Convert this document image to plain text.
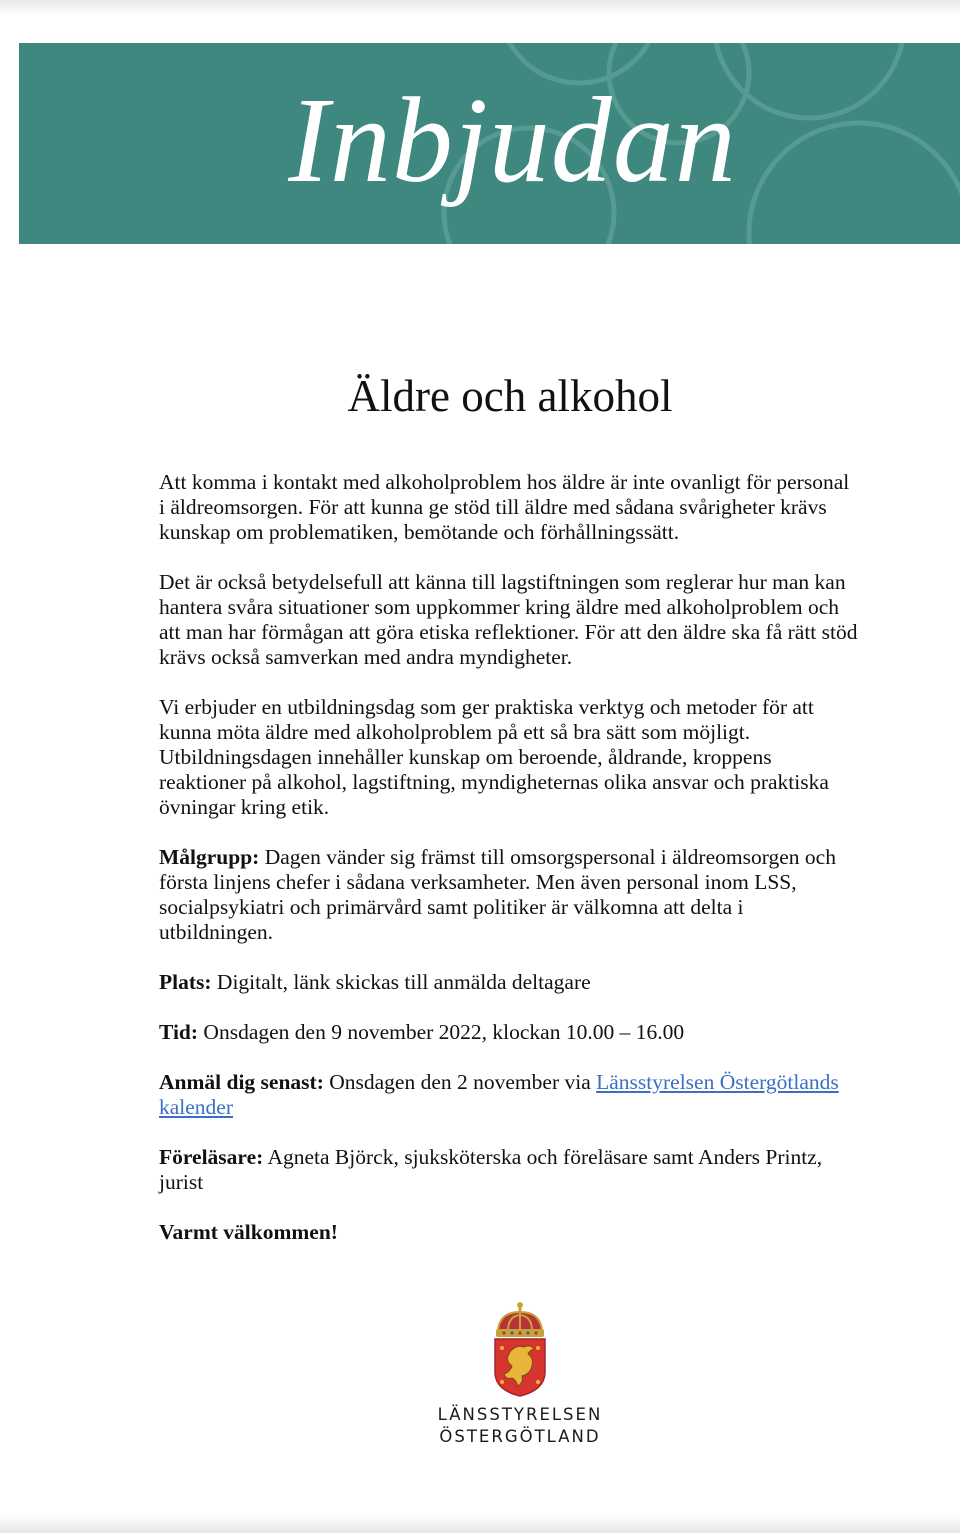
Inbjudan
Äldre och alkohol

Att komma i kontakt med alkoholproblem hos äldre är inte ovanligt för personal i äldreomsorgen. För att kunna ge stöd till äldre med sådana svårigheter krävs kunskap om problematiken, bemötande och förhållningssätt.

Det är också betydelsefull att känna till lagstiftningen som reglerar hur man kan hantera svåra situationer som uppkommer kring äldre med alkoholproblem och att man har förmågan att göra etiska reflektioner. För att den äldre ska få rätt stöd krävs också samverkan med andra myndigheter.

Vi erbjuder en utbildningsdag som ger praktiska verktyg och metoder för att kunna möta äldre med alkoholproblem på ett så bra sätt som möjligt. Utbildningsdagen innehåller kunskap om beroende, åldrande, kroppens reaktioner på alkohol, lagstiftning, myndigheternas olika ansvar och praktiska övningar kring etik.

Målgrupp: Dagen vänder sig främst till omsorgspersonal i äldreomsorgen och första linjens chefer i sådana verksamheter. Men även personal inom LSS, socialpsykiatri och primärvård samt politiker är välkomna att delta i utbildningen.

Plats: Digitalt, länk skickas till anmälda deltagare

Tid: Onsdagen den 9 november 2022, klockan 10.00 – 16.00

Anmäl dig senast: Onsdagen den 2 november via Länsstyrelsen Östergötlands kalender

Föreläsare: Agneta Björck, sjuksköterska och föreläsare samt Anders Printz, jurist

Varmt välkommen!

LÄNSSTYRELSEN
ÖSTERGÖTLAND
